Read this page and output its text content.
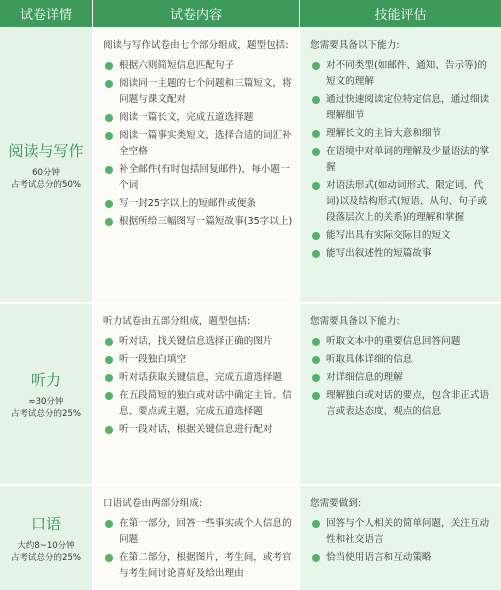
试卷详情	试卷内容	技能评估
阅读与写作
60分钟
占考试总分的50%
阅读与写作试卷由七个部分组成，题型包括:
根据六则简短信息匹配句子
阅读同一主题的七个问题和三篇短文，将问题与课文配对
阅读一篇长文，完成五道选择题
阅读一篇事实类短文，选择合适的词汇补全空格
补全邮件(有时包括回复邮件)，每小题一个词
写一封25字以上的短邮件或便条
根据所给三幅图写一篇短故事(35字以上)
您需要具备以下能力:
对不同类型(如邮件、通知、告示等)的短文的理解
通过快速阅读定位特定信息，通过细读理解细节
理解长文的主旨大意和细节
在语境中对单词的理解及少量语法的掌握
对语法形式(如动词形式、限定词、代词)以及结构形式(短语、从句、句子或段落层次上的关系)的理解和掌握
能写出具有实际交际目的短文
能写出叙述性的短篇故事
听力
≈30分钟
占考试总分的25%
听力试卷由五部分组成，题型包括:
听对话，找关键信息选择正确的图片
听一段独白填空
听对话获取关键信息，完成五道选择题
在五段简短的独白或对话中确定主旨、信息、要点或主题，完成五道选择题
听一段对话，根据关键信息进行配对
您需要具备以下能力:
听取文本中的重要信息回答问题
听取具体详细的信息
对详细信息的理解
理解独白或对话的要点，包含非正式语言或表达态度、观点的信息
口语
大约8~10分钟
占考试总分的25%
口语试卷由两部分组成:
在第一部分，回答一些事实或个人信息的问题
在第二部分，根据图片，考生间，或考官与考生间讨论喜好及给出理由
您需要做到:
回答与个人相关的简单问题，关注互动性和社交语言
恰当使用语言和互动策略
